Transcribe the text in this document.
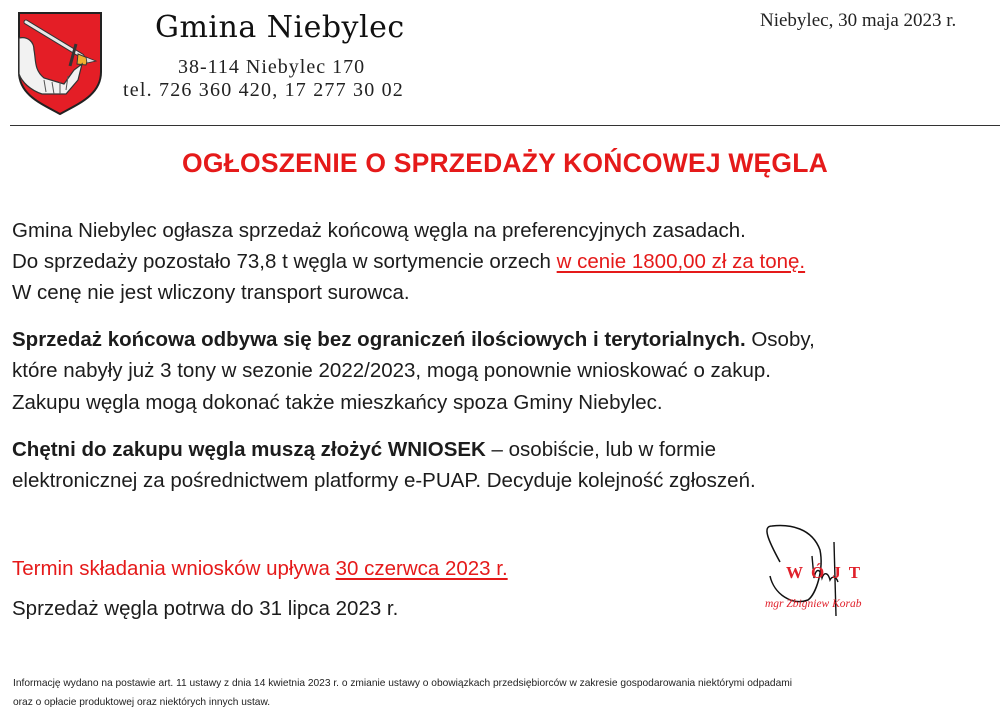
Gmina Niebylec
38-114 Niebylec 170
tel. 726 360 420, 17 277 30 02
Niebylec, 30 maja 2023 r.
OGŁOSZENIE O SPRZEDAŻY KOŃCOWEJ WĘGLA
Gmina Niebylec ogłasza sprzedaż końcową węgla na preferencyjnych zasadach.
Do sprzedaży pozostało 73,8 t węgla w sortymencie orzech w cenie 1800,00 zł za tonę.
W cenę nie jest wliczony transport surowca.
Sprzedaż końcowa odbywa się bez ograniczeń ilościowych i terytorialnych. Osoby,
które nabyły już 3 tony w sezonie 2022/2023, mogą ponownie wnioskować o zakup.
Zakupu węgla mogą dokonać także mieszkańcy spoza Gminy Niebylec.
Chętni do zakupu węgla muszą złożyć WNIOSEK – osobiście, lub w formie
elektronicznej za pośrednictwem platformy e-PUAP. Decyduje kolejność zgłoszeń.
Termin składania wniosków upływa 30 czerwca 2023 r.
Sprzedaż węgla potrwa do 31 lipca 2023 r.
WÓJT
mgr Zbigniew Korab
Informację wydano na postawie art. 11 ustawy z dnia 14 kwietnia 2023 r. o zmianie ustawy o obowiązkach przedsiębiorców w zakresie gospodarowania niektórymi odpadami
oraz o opłacie produktowej oraz niektórych innych ustaw.
